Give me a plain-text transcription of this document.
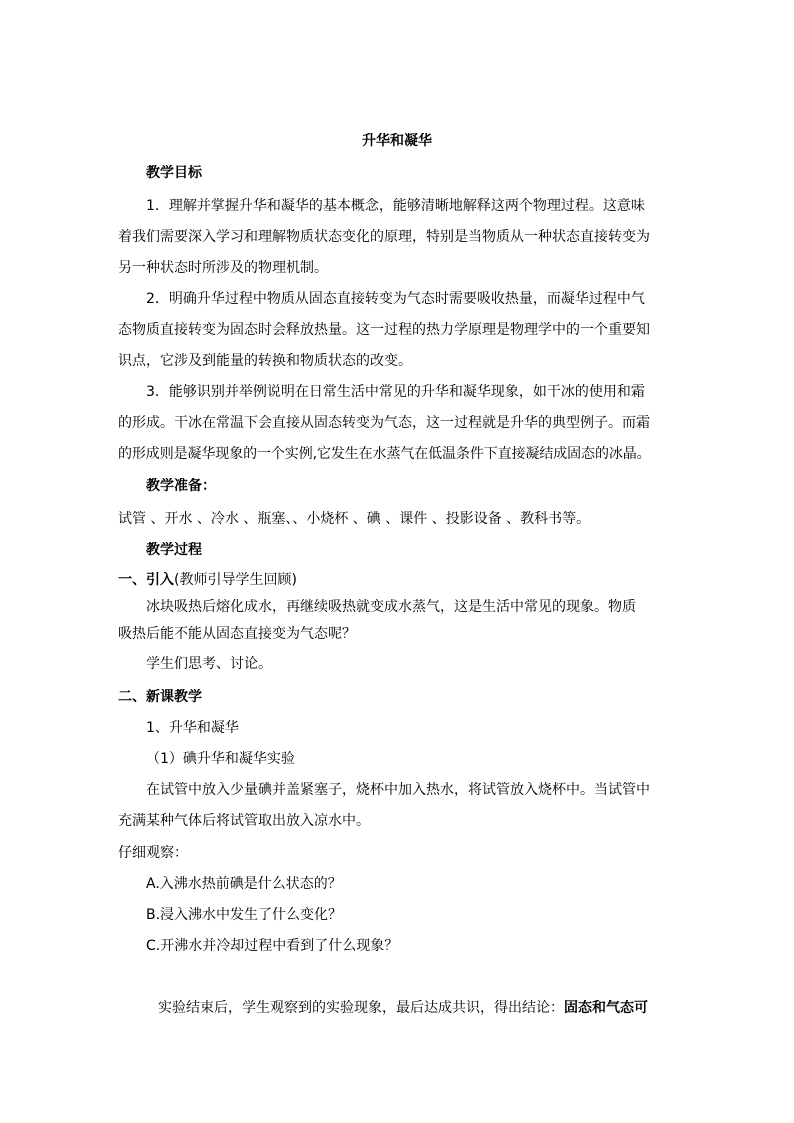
升华和凝华
教学目标
1．理解并掌握升华和凝华的基本概念，能够清晰地解释这两个物理过程。这意味
着我们需要深入学习和理解物质状态变化的原理，特别是当物质从一种状态直接转变为
另一种状态时所涉及的物理机制。
2．明确升华过程中物质从固态直接转变为气态时需要吸收热量，而凝华过程中气
态物质直接转变为固态时会释放热量。这一过程的热力学原理是物理学中的一个重要知
识点，它涉及到能量的转换和物质状态的改变。
3．能够识别并举例说明在日常生活中常见的升华和凝华现象，如干冰的使用和霜
的形成。干冰在常温下会直接从固态转变为气态，这一过程就是升华的典型例子。而霜
的形成则是凝华现象的一个实例,它发生在水蒸气在低温条件下直接凝结成固态的冰晶。
教学准备：
试管 、开水 、冷水 、瓶塞、、小烧杯 、碘 、课件 、投影设备 、教科书等。
教学过程
一、引入(教师引导学生回顾)
冰块吸热后熔化成水，再继续吸热就变成水蒸气，这是生活中常见的现象。物质
吸热后能不能从固态直接变为气态呢？
学生们思考、讨论。
二、新课教学
1、升华和凝华
（1）碘升华和凝华实验
在试管中放入少量碘并盖紧塞子，烧杯中加入热水，将试管放入烧杯中。当试管中
充满某种气体后将试管取出放入凉水中。
仔细观察：
A.入沸水热前碘是什么状态的？
B.浸入沸水中发生了什么变化？
C.开沸水并冷却过程中看到了什么现象？
实验结束后，学生观察到的实验现象，最后达成共识，得出结论：固态和气态可
